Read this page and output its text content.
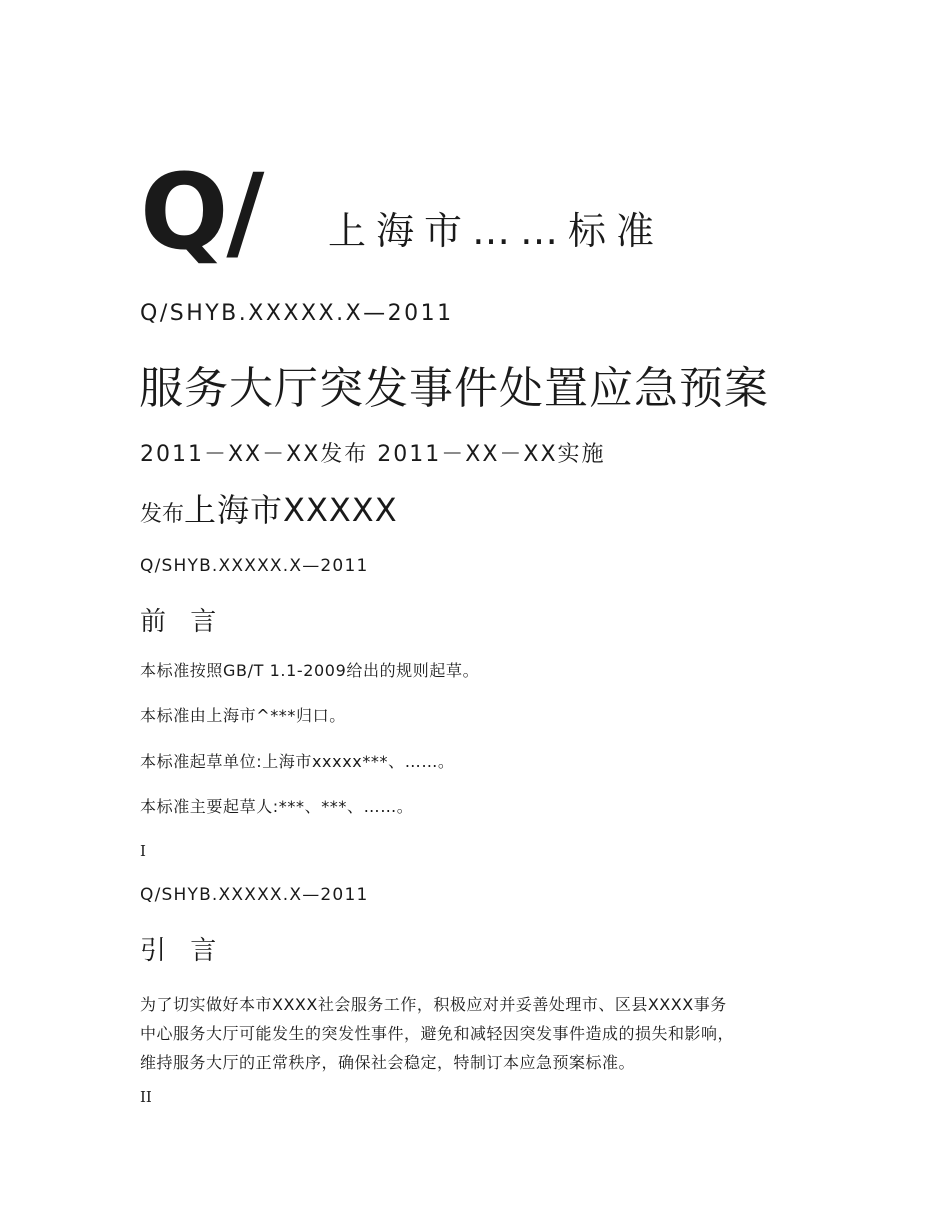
Q/ 上海市……标准
Q/SHYB.XXXXX.X—2011
服务大厅突发事件处置应急预案
2011－XX－XX发布 2011－XX－XX实施
发布上海市XXXXX
Q/SHYB.XXXXX.X—2011
前 言
本标准按照GB/T 1.1-2009给出的规则起草。
本标准由上海市^***归口。
本标准起草单位:上海市xxxxx***、……。
本标准主要起草人:***、***、……。
I
Q/SHYB.XXXXX.X—2011
引 言
为了切实做好本市XXXX社会服务工作，积极应对并妥善处理市、区县XXXX事务
中心服务大厅可能发生的突发性事件，避免和减轻因突发事件造成的损失和影响，
维持服务大厅的正常秩序，确保社会稳定，特制订本应急预案标准。
II
